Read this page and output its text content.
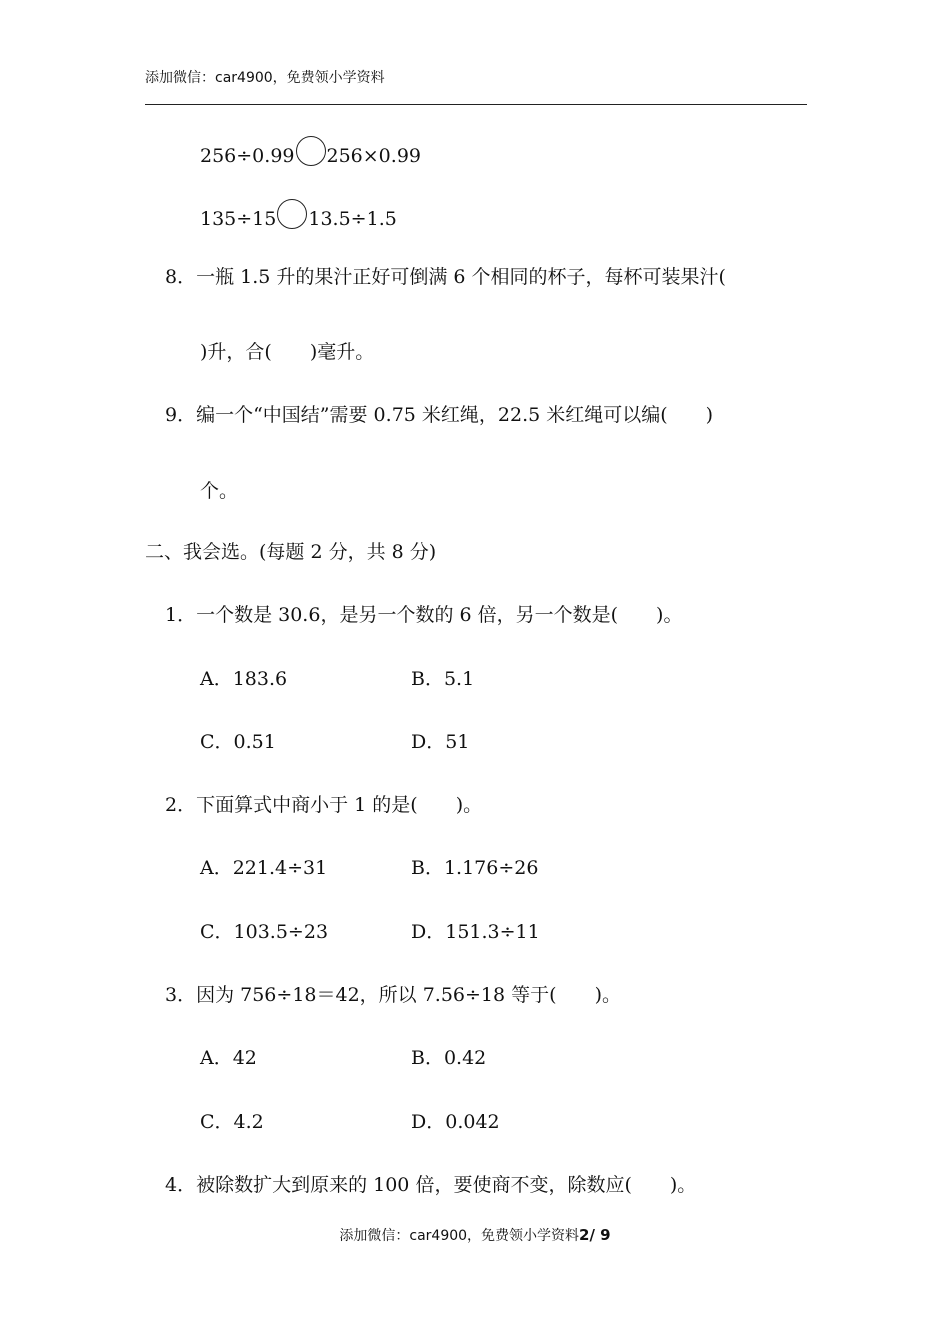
添加微信：car4900，免费领小学资料
256÷0.99 256×0.99
135÷15 13.5÷1.5
8．一瓶 1.5 升的果汁正好可倒满 6 个相同的杯子，每杯可装果汁(
)升，合( )毫升。
9．编一个“中国结”需要 0.75 米红绳，22.5 米红绳可以编( )
个。
二、我会选。(每题 2 分，共 8 分)
1．一个数是 30.6，是另一个数的 6 倍，另一个数是( )。
A．183.6	B．5.1
C．0.51	D．51
2．下面算式中商小于 1 的是( )。
A．221.4÷31	B．1.176÷26
C．103.5÷23	D．151.3÷11
3．因为 756÷18＝42，所以 7.56÷18 等于( )。
A．42	B．0.42
C．4.2	D．0.042
4．被除数扩大到原来的 100 倍，要使商不变，除数应( )。
添加微信：car4900，免费领小学资料2/ 9
